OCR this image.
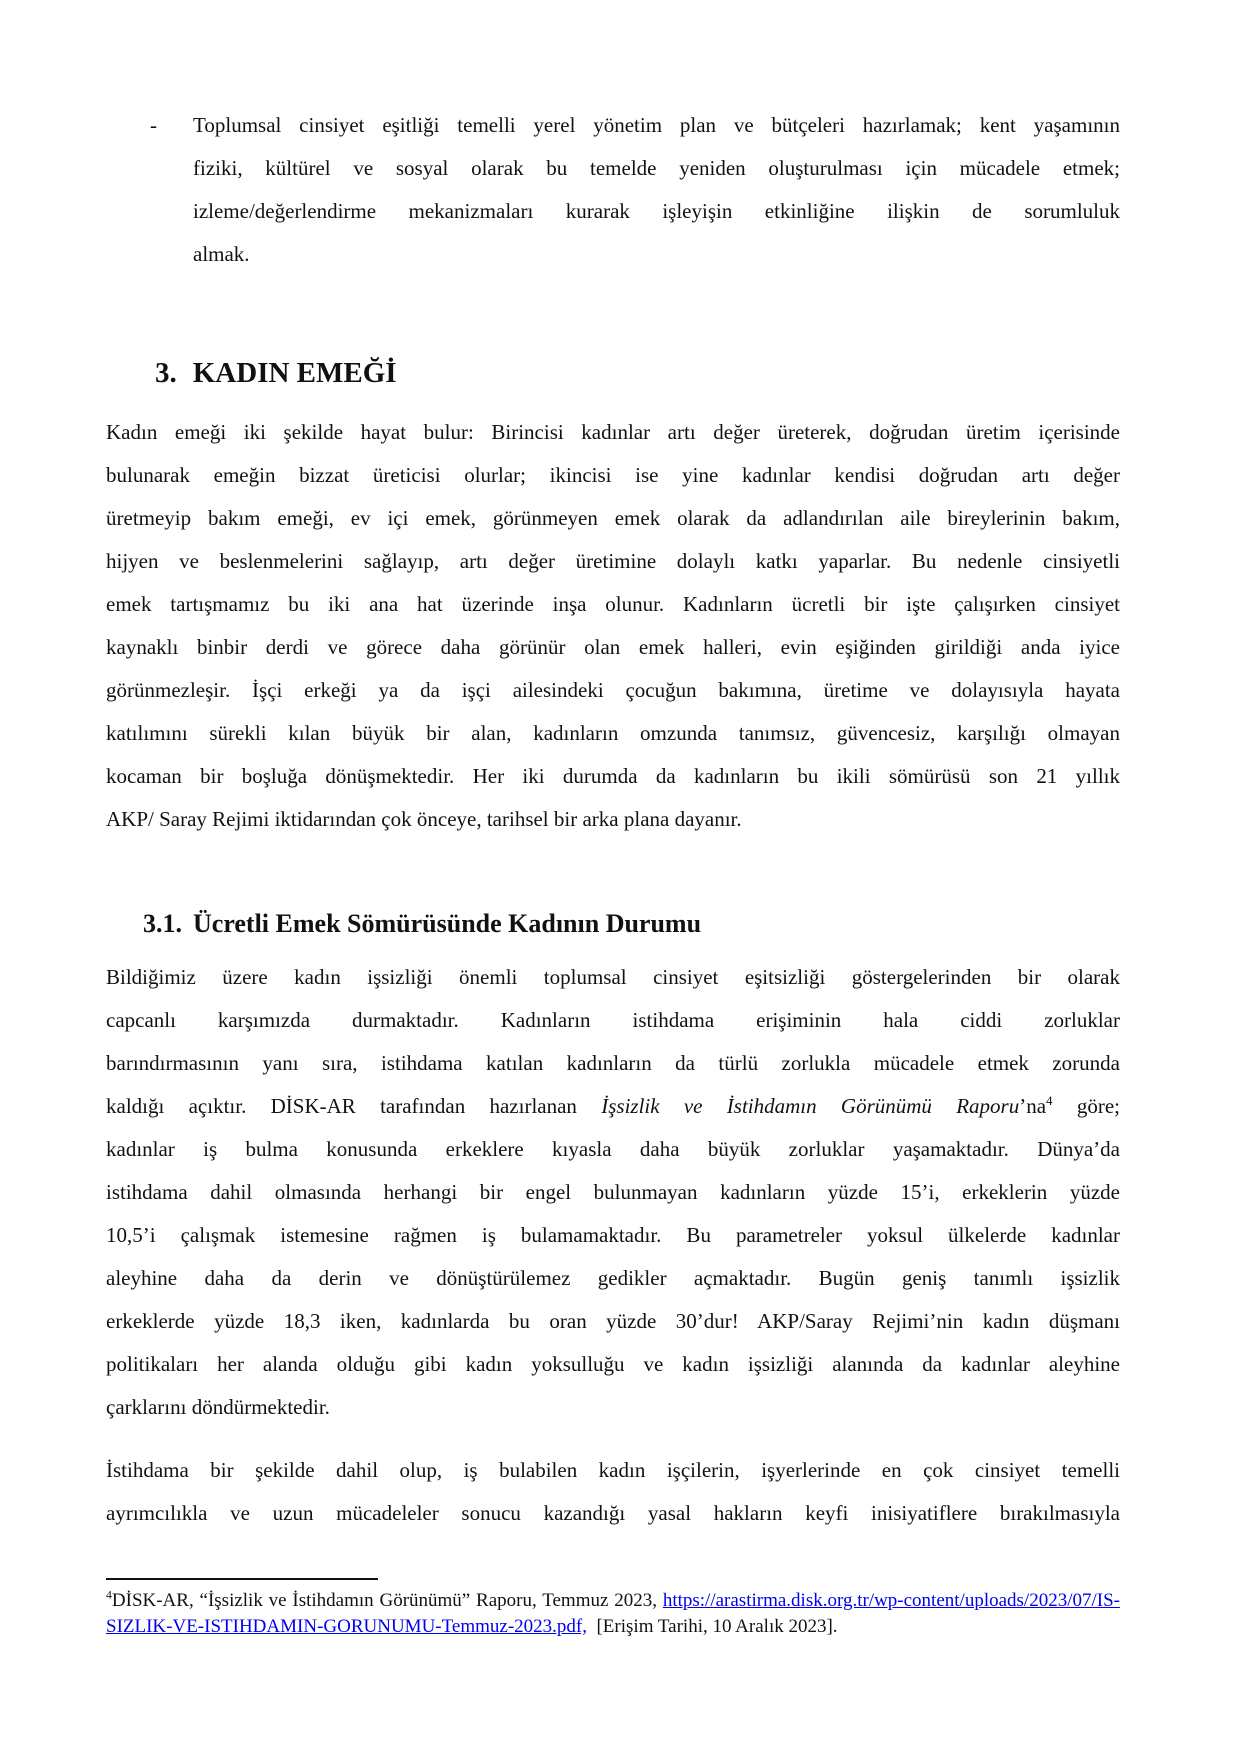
- Toplumsal cinsiyet eşitliği temelli yerel yönetim plan ve bütçeleri hazırlamak; kent yaşamının
fiziki, kültürel ve sosyal olarak bu temelde yeniden oluşturulması için mücadele etmek;
izleme/değerlendirme mekanizmaları kurarak işleyişin etkinliğine ilişkin de sorumluluk
almak.
3. KADIN EMEĞİ
Kadın emeği iki şekilde hayat bulur: Birincisi kadınlar artı değer üreterek, doğrudan üretim içerisinde
bulunarak emeğin bizzat üreticisi olurlar; ikincisi ise yine kadınlar kendisi doğrudan artı değer
üretmeyip bakım emeği, ev içi emek, görünmeyen emek olarak da adlandırılan aile bireylerinin bakım,
hijyen ve beslenmelerini sağlayıp, artı değer üretimine dolaylı katkı yaparlar. Bu nedenle cinsiyetli
emek tartışmamız bu iki ana hat üzerinde inşa olunur. Kadınların ücretli bir işte çalışırken cinsiyet
kaynaklı binbir derdi ve görece daha görünür olan emek halleri, evin eşiğinden girildiği anda iyice
görünmezleşir. İşçi erkeği ya da işçi ailesindeki çocuğun bakımına, üretime ve dolayısıyla hayata
katılımını sürekli kılan büyük bir alan, kadınların omzunda tanımsız, güvencesiz, karşılığı olmayan
kocaman bir boşluğa dönüşmektedir. Her iki durumda da kadınların bu ikili sömürüsü son 21 yıllık
AKP/ Saray Rejimi iktidarından çok önceye, tarihsel bir arka plana dayanır.
3.1. Ücretli Emek Sömürüsünde Kadının Durumu
Bildiğimiz üzere kadın işsizliği önemli toplumsal cinsiyet eşitsizliği göstergelerinden bir olarak
capcanlı karşımızda durmaktadır. Kadınların istihdama erişiminin hala ciddi zorluklar
barındırmasının yanı sıra, istihdama katılan kadınların da türlü zorlukla mücadele etmek zorunda
kaldığı açıktır. DİSK-AR tarafından hazırlanan İşsizlik ve İstihdamın Görünümü $Raporu’na^4$ göre;
kadınlar iş bulma konusunda erkeklere kıyasla daha büyük zorluklar yaşamaktadır. Dünya’da
istihdama dahil olmasında herhangi bir engel bulunmayan kadınların yüzde 15’i, erkeklerin yüzde
10,5’i çalışmak istemesine rağmen iş bulamamaktadır. Bu parametreler yoksul ülkelerde kadınlar
aleyhine daha da derin ve dönüştürülemez gedikler açmaktadır. Bugün geniş tanımlı işsizlik
erkeklerde yüzde 18,3 iken, kadınlarda bu oran yüzde 30’dur! AKP/Saray Rejimi’nin kadın düşmanı
politikaları her alanda olduğu gibi kadın yoksulluğu ve kadın işsizliği alanında da kadınlar aleyhine
çarklarını döndürmektedir.
İstihdama bir şekilde dahil olup, iş bulabilen kadın işçilerin, işyerlerinde en çok cinsiyet temelli
ayrımcılıkla ve uzun mücadeleler sonucu kazandığı yasal hakların keyfi inisiyatiflere bırakılmasıyla
$^4$DİSK-AR, “İşsizlik ve İstihdamın Görünümü” Raporu, Temmuz 2023, https://arastirma.disk.org.tr/wp-content/uploads/2023/07/IS-
SIZLIK-VE-ISTIHDAMIN-GORUNUMU-Temmuz-2023.pdf,  [Erişim Tarihi, 10 Aralık 2023].
